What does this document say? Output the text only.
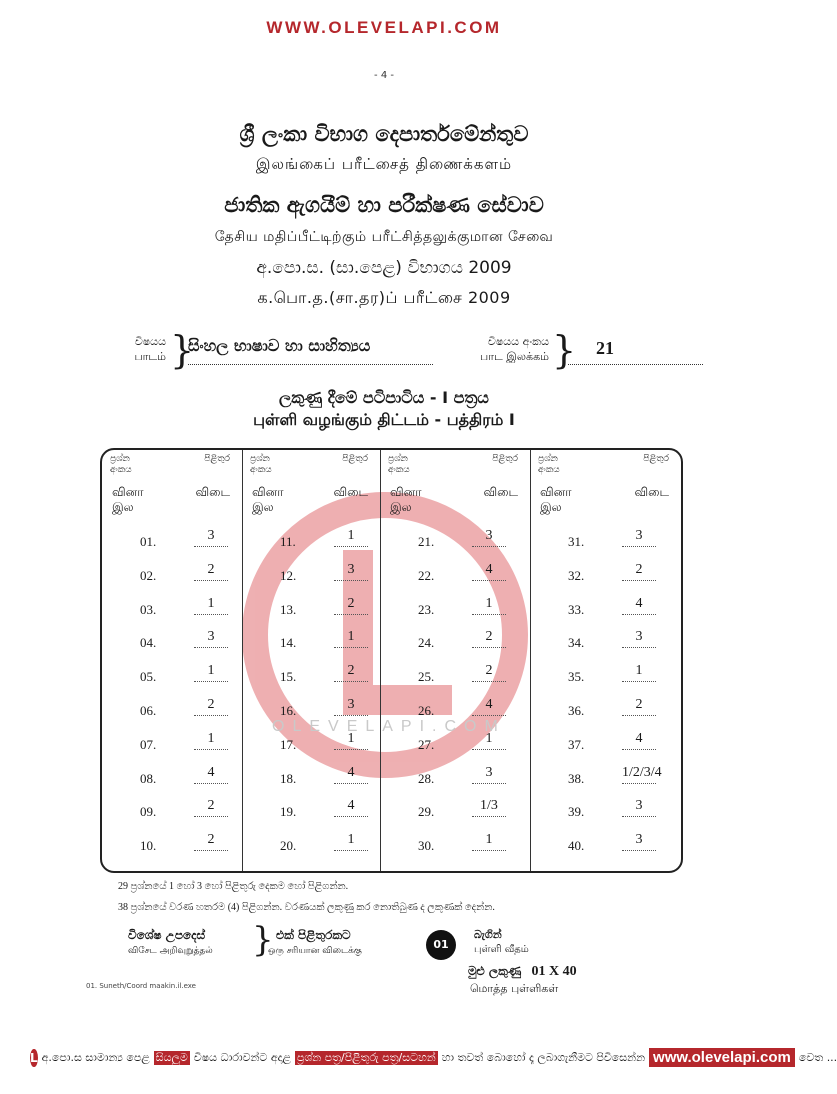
WWW.OLEVELAPI.COM
- 4 -
ශ්‍රී ලංකා විභාග දෙපාර්තමේන්තුව
இலங்கைப் பரீட்சைத் திணைக்களம்
ජාතික ඇගයීම් හා පරීක්ෂණ සේවාව
தேசிய மதிப்பீட்டிற்கும் பரீட்சித்தலுக்குமான சேவை
අ.පො.ස. (සා.පෙළ) විභාගය 2009
க.பொ.த.(சா.தர)ப் பரீட்சை 2009
විෂයය
பாடம் }
සිංහල භාෂාව හා සාහිත්‍යය	විෂයය අංකය
பாட இலக்கம் } 21
ලකුණු දීමේ පටිපාටිය - I පත්‍රය
புள்ளி வழங்கும் திட்டம் - பத்திரம் I
OLEVELAPI.COM
ප්‍රශ්න
අංකය
පිළිතුර
வினா
இல
விடை
01.	3
02.	2
03.	1
04.	3
05.	1
06.	2
07.	1
08.	4
09.	2
10.	2
ප්‍රශ්න
අංකය
පිළිතුර
வினா
இல
விடை
11.	1
12.	3
13.	2
14.	1
15.	2
16.	3
17.	1
18.	4
19.	4
20.	1
ප්‍රශ්න
අංකය
පිළිතුර
வினா
இல
விடை
21.	3
22.	4
23.	1
24.	2
25.	2
26.	4
27.	1
28.	3
29.	1/3
30.	1
ප්‍රශ්න
අංකය
පිළිතුර
வினா
இல
விடை
31.	3
32.	2
33.	4
34.	3
35.	1
36.	2
37.	4
38.	1/2/3/4
39.	3
40.	3
29 ප්‍රශ්නයේ 1 හෝ 3 හෝ පිළිතුරු දෙකම හෝ පිළිගන්න.
38 ප්‍රශ්නයේ වරණ හතරම (4) පිළිගන්න. වරණයක් ලකුණු කර නොතිබුණ ද ලකුණක් දෙන්න.
විශේෂ උපදෙස්
விசேட அறிவுறுத்தல் } එක් පිළිතුරකට
ஒரு சரியான விடைக்கு	01
බැගින්
புள்ளி வீதம்
01. Suneth/Coord maakin.il.exe
මුළු ලකුණු 01 X 40
மொத்த புள்ளிகள்
L අ.පො.ස සාමාන්‍ය පෙළ සියලුම විෂය ධාරාවන්ට අදාළ ප්‍රශ්න පත්‍ර/පිළිතුරු පත්‍ර/සටහන් හා තවත් බොහෝ දෑ ලබාගැනීමට පිවිසෙන්න www.olevelapi.com වෙත ...
